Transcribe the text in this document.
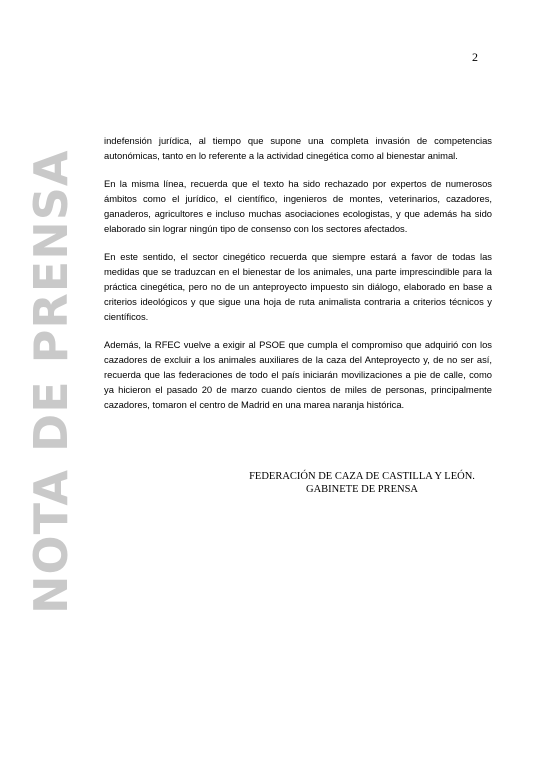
2
NOTA DE PRENSA

indefensión jurídica, al tiempo que supone una completa invasión de competencias autonómicas, tanto en lo referente a la actividad cinegética como al bienestar animal.

En la misma línea, recuerda que el texto ha sido rechazado por expertos de numerosos ámbitos como el jurídico, el científico, ingenieros de montes, veterinarios, cazadores, ganaderos, agricultores e incluso muchas asociaciones ecologistas, y que además ha sido elaborado sin lograr ningún tipo de consenso con los sectores afectados.

En este sentido, el sector cinegético recuerda que siempre estará a favor de todas las medidas que se traduzcan en el bienestar de los animales, una parte imprescindible para la práctica cinegética, pero no de un anteproyecto impuesto sin diálogo, elaborado en base a criterios ideológicos y que sigue una hoja de ruta animalista contraria a criterios técnicos y científicos.

Además, la RFEC vuelve a exigir al PSOE que cumpla el compromiso que adquirió con los cazadores de excluir a los animales auxiliares de la caza del Anteproyecto y, de no ser así, recuerda que las federaciones de todo el país iniciarán movilizaciones a pie de calle, como ya hicieron el pasado 20 de marzo cuando cientos de miles de personas, principalmente cazadores, tomaron el centro de Madrid en una marea naranja histórica.

FEDERACIÓN DE CAZA DE CASTILLA Y LEÓN.
GABINETE DE PRENSA
